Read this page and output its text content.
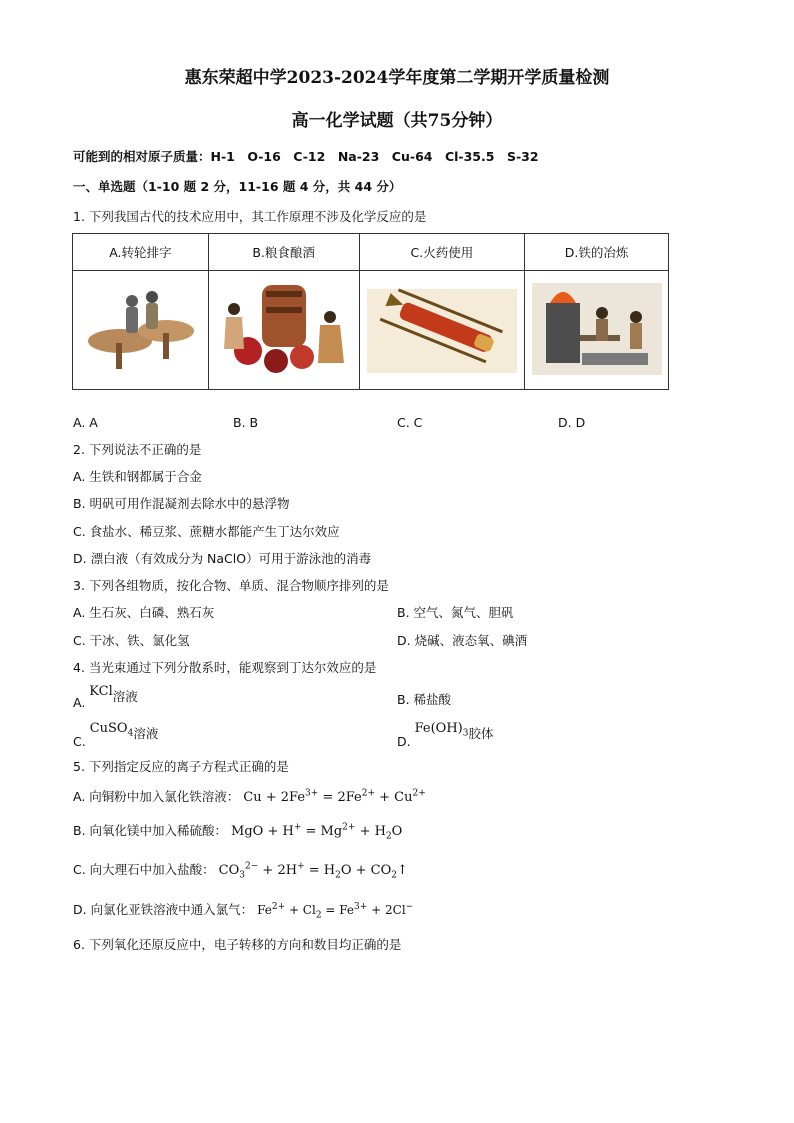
惠东荣超中学2023-2024学年度第二学期开学质量检测
高一化学试题（共75分钟）
可能到的相对原子质量：H-1　O-16　C-12　Na-23　Cu-64　Cl-35.5　S-32
一、单选题（1-10 题 2 分，11-16 题 4 分，共 44 分）
1. 下列我国古代的技术应用中，其工作原理不涉及化学反应的是
A.转轮排字	B.粮食酿酒	C.火药使用	D.铁的冶炼

A. A	B. B	C. C	D. D
2. 下列说法不正确的是
A. 生铁和钢都属于合金
B. 明矾可用作混凝剂去除水中的悬浮物
C. 食盐水、稀豆浆、蔗糖水都能产生丁达尔效应
D. 漂白液（有效成分为 NaClO）可用于游泳池的消毒
3. 下列各组物质，按化合物、单质、混合物顺序排列的是
A. 生石灰、白磷、熟石灰	B. 空气、氮气、胆矾
C. 干冰、铁、氯化氢	D. 烧碱、液态氧、碘酒
4. 当光束通过下列分散系时，能观察到丁达尔效应的是
A. KCl溶液	B. 稀盐酸
C. CuSO$_4$溶液
D. $Fe(OH)_3$胶体
5. 下列指定反应的离子方程式正确的是
A. 向铜粉中加入氯化铁溶液： $Cu + 2Fe^{3+} = 2Fe^{2+} + Cu^{2+}$
B. 向氧化镁中加入稀硫酸： MgO + $H^+ = Mg^{2+} + H_2O$
C. 向大理石中加入盐酸： $CO_3^{2-} + 2H^+ = H_2O$ + $CO_2↑$
D. 向氯化亚铁溶液中通入氯气： $Fe^{2+} + Cl_2 = Fe^{3+} + 2Cl^-$
6. 下列氧化还原反应中，电子转移的方向和数目均正确的是
